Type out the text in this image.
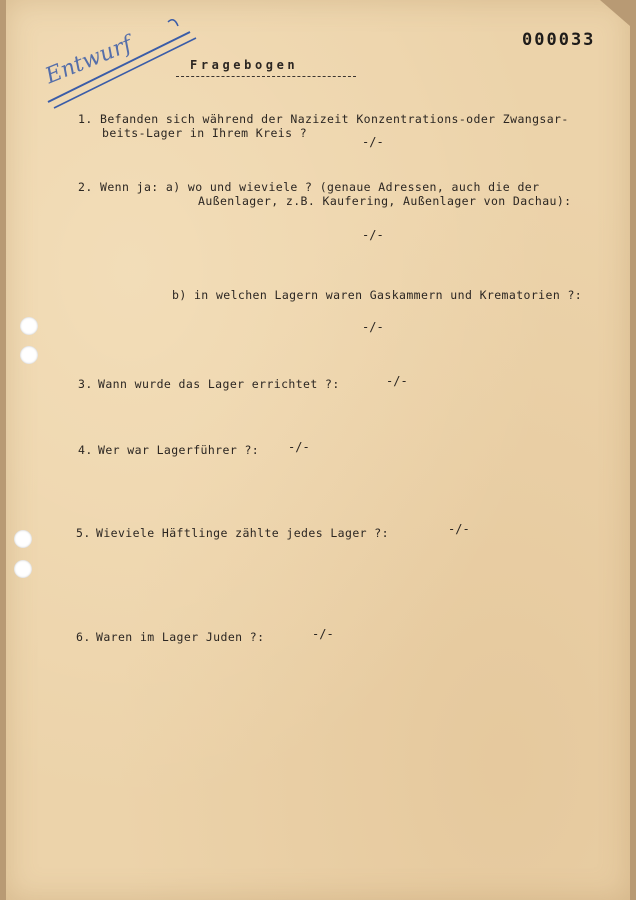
Entwurf	000033
Fragebogen
1. Befanden sich während der Nazizeit Konzentrations-oder Zwangsar-
beits-Lager in Ihrem Kreis ?
-/-
2. Wenn ja: a) wo und wieviele ? (genaue Adressen, auch die der
Außenlager, z.B. Kaufering, Außenlager von Dachau):
-/-
b) in welchen Lagern waren Gaskammern und Krematorien ?:
-/-
3. Wann wurde das Lager errichtet ?:	-/-
4. Wer war Lagerführer ?: -/-
5. Wieviele Häftlinge zählte jedes Lager ?:	-/-
6. Waren im Lager Juden ?:	-/-
